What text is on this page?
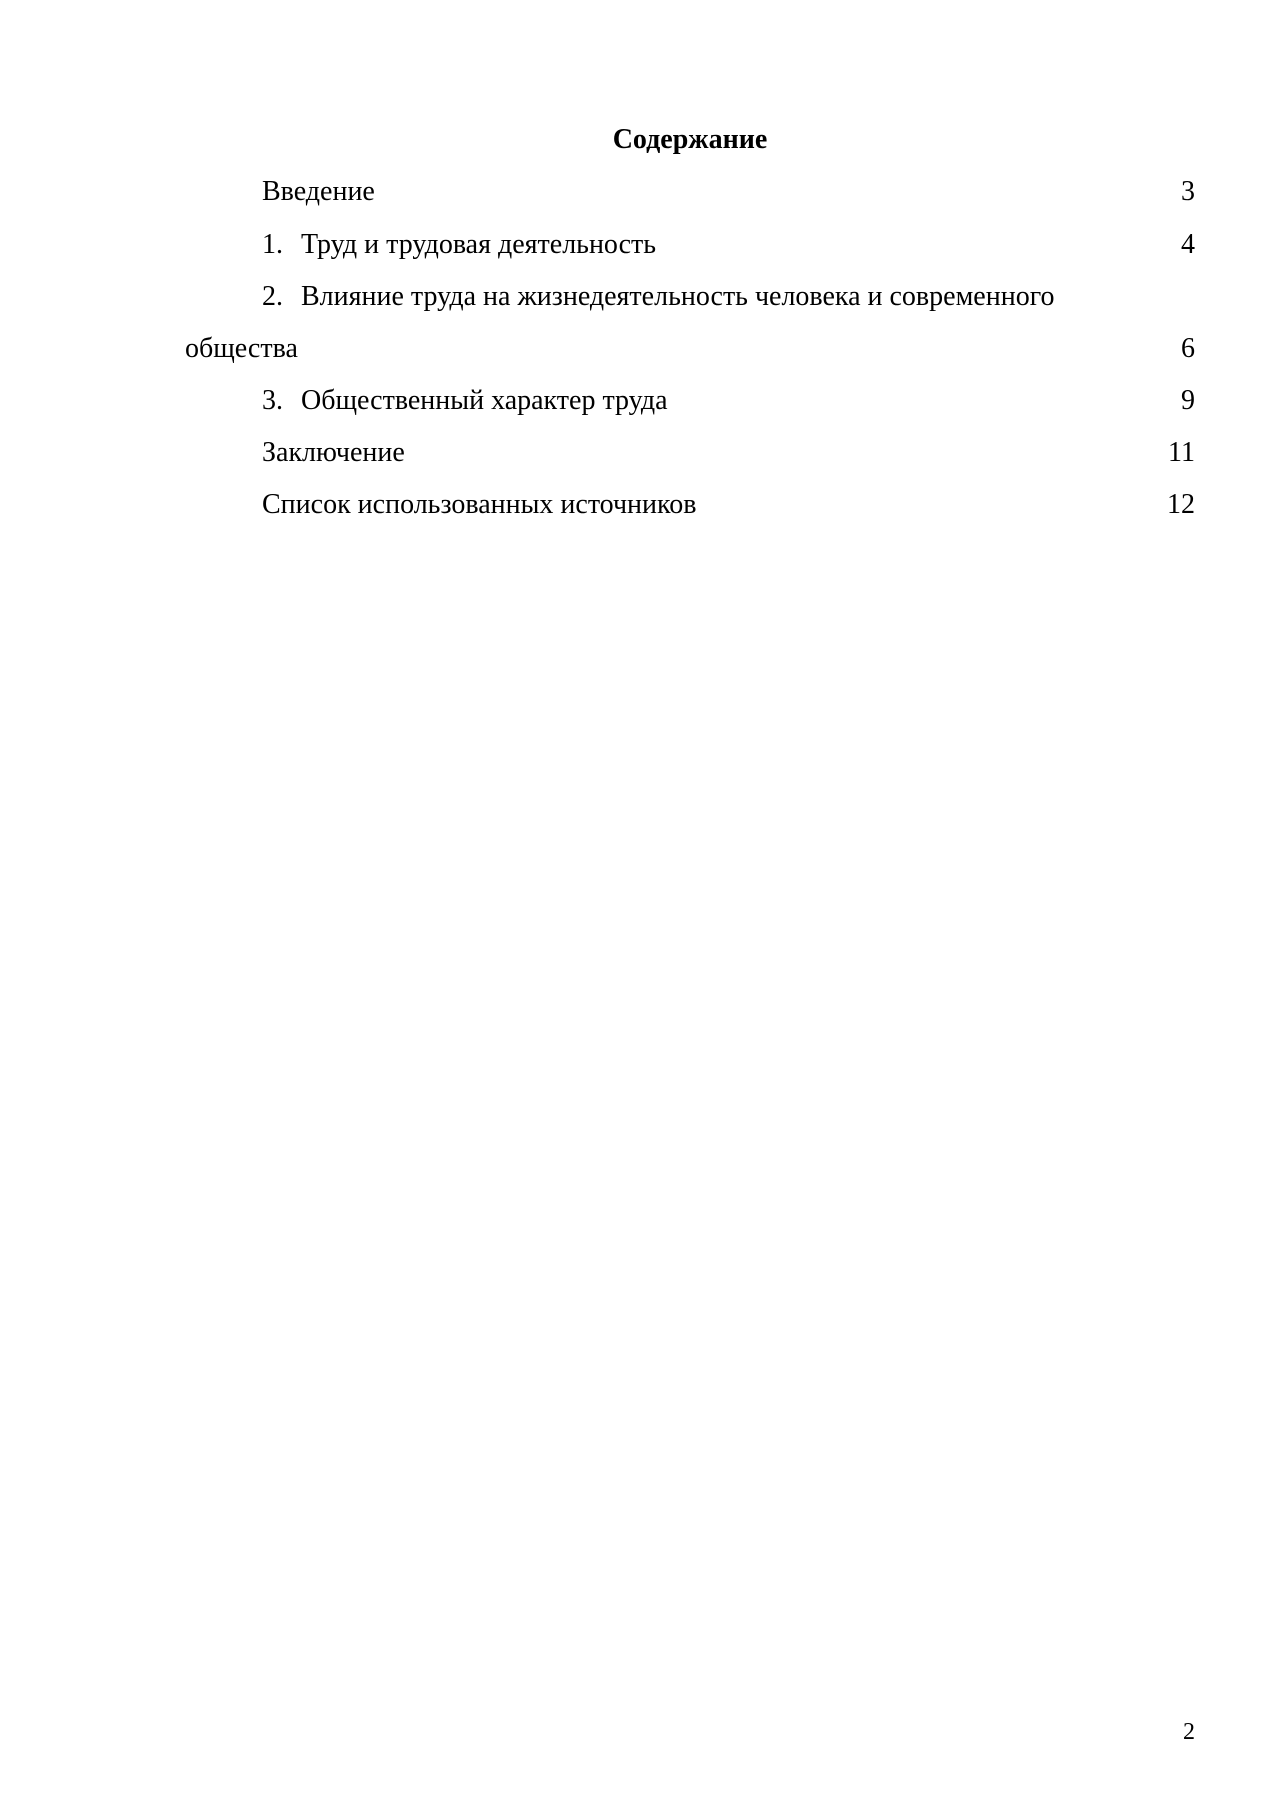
Содержание
Введение	3
1. Труд и трудовая деятельность	4
2. Влияние труда на жизнедеятельность человека и современного
общества	6
3. Общественный характер труда	9
Заключение	11
Список использованных источников	12
2
